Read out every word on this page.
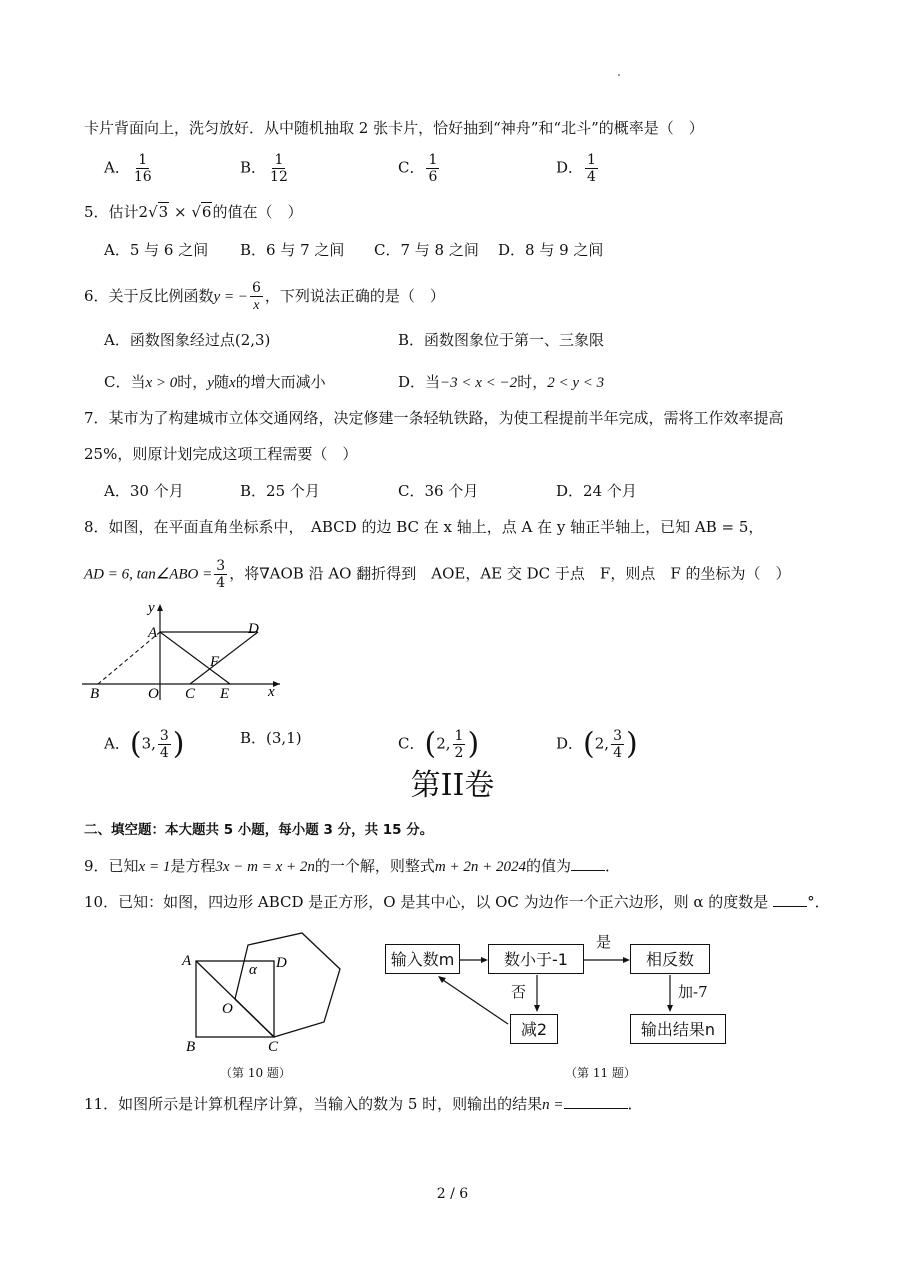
卡片背面向上，洗匀放好．从中随机抽取 2 张卡片，恰好抽到“神舟”和“北斗”的概率是（　）
A． $\frac{1}{16}$	B． $\frac{1}{12}$	C． $\frac{1}{6}$	D． $\frac{1}{4}$
5．估计2√3 × √6的值在（　）
A．5 与 6 之间 B．6 与 7 之间 C．7 与 8 之间 D．8 与 9 之间
6．关于反比例函数y = − $\frac{6}{x}$ ，下列说法正确的是（　）
A．函数图象经过点(2,3)	B．函数图象位于第一、三象限
C．当x > 0时，y随x的增大而减小	D．当−3 < x < −2时，2 < y < 3
7．某市为了构建城市立体交通网络，决定修建一条轻轨铁路，为使工程提前半年完成，需将工作效率提高
25%，则原计划完成这项工程需要（　）
A．30 个月	B．25 个月	C．36 个月	D．24 个月
8．如图，在平面直角坐标系中，　ABCD 的边 BC 在 x 轴上，点 A 在 y 轴正半轴上，已知 AB = 5，
AD = 6, tan∠ABO = $\frac{3}{4}$ ，将∇AOB 沿 AO 翻折得到　AOE，AE 交 DC 于点　F，则点　F 的坐标为（　）
y
A	D
F
B	O C E	x
A．(3, $\frac{3}{4}$ )	B．(3,1)	C．(2, $\frac{1}{2}$ )	D．(2, $\frac{3}{4}$ )
第II卷
二、填空题：本大题共 5 小题，每小题 3 分，共 15 分。
9．已知x = 1是方程3x − m = x + 2n的一个解，则整式m + 2n + 2024的值为 ．
10．已知：如图，四边形 ABCD 是正方形，O 是其中心，以 OC 为边作一个正六边形，则 α 的度数是	°．
A	D
B	C
O
α
（第 10 题）
输入数m	数小于-1	相反数
减2	输出结果n
是
否	加-7
（第 11 题）
11．如图所示是计算机程序计算，当输入的数为 5 时，则输出的结果n =	．
2 / 6
